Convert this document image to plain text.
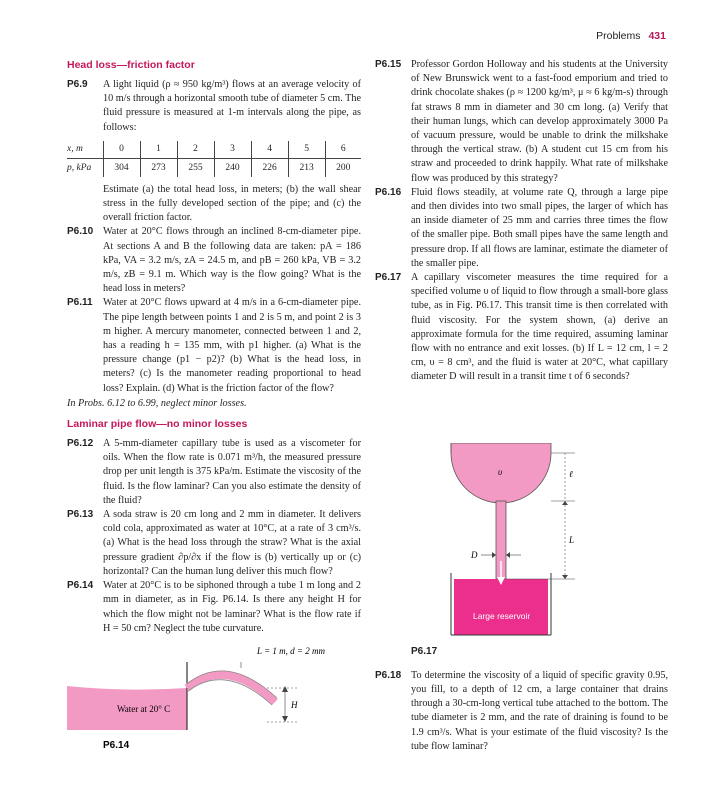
Problems 431
Head loss—friction factor
P6.9 A light liquid (ρ ≈ 950 kg/m³) flows at an average velocity of 10 m/s through a horizontal smooth tube of diameter 5 cm. The fluid pressure is measured at 1-m intervals along the pipe, as follows:

x, m	0	1	2	3	4	5	6
p, kPa	304	273	255	240	226	213	200

Estimate (a) the total head loss, in meters; (b) the wall shear stress in the fully developed section of the pipe; and (c) the overall friction factor.

P6.10 Water at 20°C flows through an inclined 8-cm-diameter pipe. At sections A and B the following data are taken: pA = 186 kPa, VA = 3.2 m/s, zA = 24.5 m, and pB = 260 kPa, VB = 3.2 m/s, zB = 9.1 m. Which way is the flow going? What is the head loss in meters?

P6.11 Water at 20°C flows upward at 4 m/s in a 6-cm-diameter pipe. The pipe length between points 1 and 2 is 5 m, and point 2 is 3 m higher. A mercury manometer, connected between 1 and 2, has a reading h = 135 mm, with p1 higher. (a) What is the pressure change (p1 − p2)? (b) What is the head loss, in meters? (c) Is the manometer reading proportional to head loss? Explain. (d) What is the friction factor of the flow?

In Probs. 6.12 to 6.99, neglect minor losses.
Laminar pipe flow—no minor losses
P6.12 A 5-mm-diameter capillary tube is used as a viscometer for oils. When the flow rate is 0.071 m³/h, the measured pressure drop per unit length is 375 kPa/m. Estimate the viscosity of the fluid. Is the flow laminar? Can you also estimate the density of the fluid?

P6.13 A soda straw is 20 cm long and 2 mm in diameter. It delivers cold cola, approximated as water at 10°C, at a rate of 3 cm³/s. (a) What is the head loss through the straw? What is the axial pressure gradient ∂p/∂x if the flow is (b) vertically up or (c) horizontal? Can the human lung deliver this much flow?

P6.14 Water at 20°C is to be siphoned through a tube 1 m long and 2 mm in diameter, as in Fig. P6.14. Is there any height H for which the flow might not be laminar? What is the flow rate if H = 50 cm? Neglect the tube curvature.

L = 1 m, d = 2 mm
H
Water at 20° C
P6.14
P6.15 Professor Gordon Holloway and his students at the University of New Brunswick went to a fast-food emporium and tried to drink chocolate shakes (ρ ≈ 1200 kg/m³, μ ≈ 6 kg/m-s) through fat straws 8 mm in diameter and 30 cm long. (a) Verify that their human lungs, which can develop approximately 3000 Pa of vacuum pressure, would be unable to drink the milkshake through the vertical straw. (b) A student cut 15 cm from his straw and proceeded to drink happily. What rate of milkshake flow was produced by this strategy?

P6.16 Fluid flows steadily, at volume rate Q, through a large pipe and then divides into two small pipes, the larger of which has an inside diameter of 25 mm and carries three times the flow of the smaller pipe. Both small pipes have the same length and pressure drop. If all flows are laminar, estimate the diameter of the smaller pipe.

P6.17 A capillary viscometer measures the time required for a specified volume υ of liquid to flow through a small-bore glass tube, as in Fig. P6.17. This transit time is then correlated with fluid viscosity. For the system shown, (a) derive an approximate formula for the time required, assuming laminar flow with no entrance and exit losses. (b) If L = 12 cm, l = 2 cm, υ = 8 cm³, and the fluid is water at 20°C, what capillary diameter D will result in a transit time t of 6 seconds?

υ	ℓ
L
D
Large reservoir
P6.17
P6.18 To determine the viscosity of a liquid of specific gravity 0.95, you fill, to a depth of 12 cm, a large container that drains through a 30-cm-long vertical tube attached to the bottom. The tube diameter is 2 mm, and the rate of draining is found to be 1.9 cm³/s. What is your estimate of the fluid viscosity? Is the tube flow laminar?
